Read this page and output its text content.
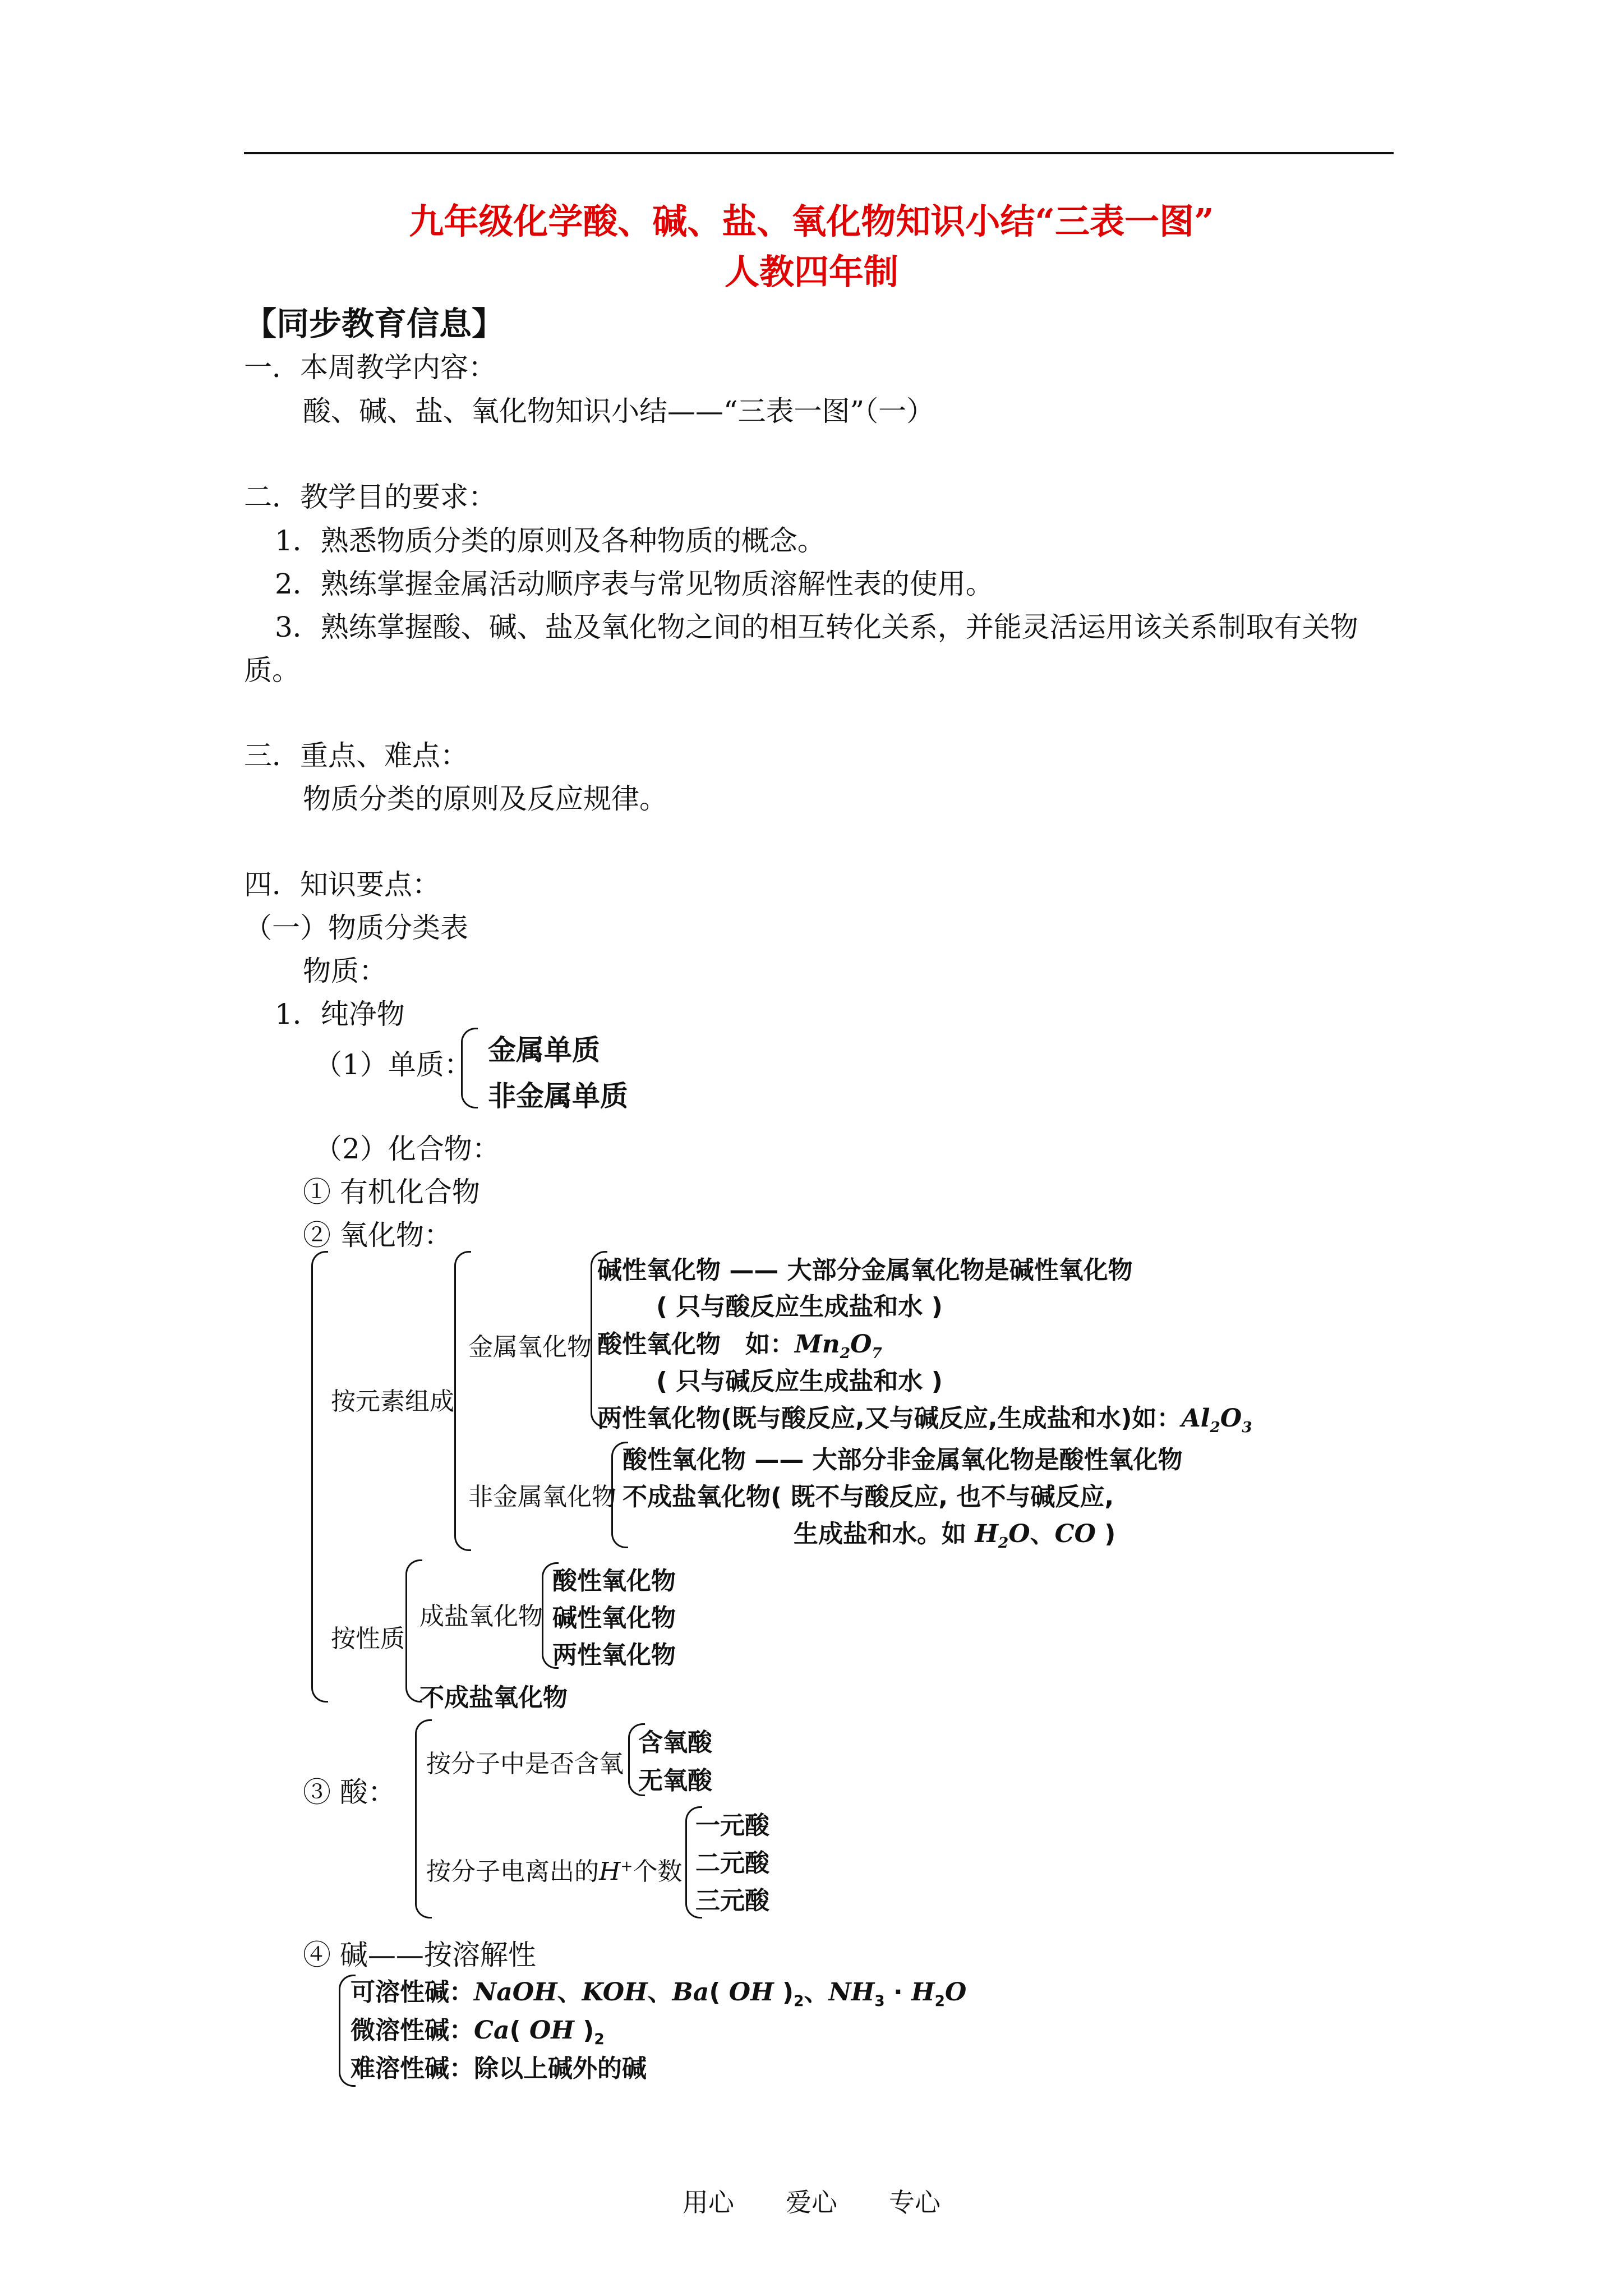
九年级化学酸、碱、盐、氧化物知识小结“三表一图”
人教四年制
【同步教育信息】
一．本周教学内容：
酸、碱、盐、氧化物知识小结——“三表一图”（一）
二．教学目的要求：
1．熟悉物质分类的原则及各种物质的概念。
2．熟练掌握金属活动顺序表与常见物质溶解性表的使用。
3．熟练掌握酸、碱、盐及氧化物之间的相互转化关系，并能灵活运用该关系制取有关物
质。
三．重点、难点：
物质分类的原则及反应规律。
四．知识要点：
（一）物质分类表
物质：
1．纯净物
（1）单质： 金属单质
非金属单质
（2）化合物：
① 有机化合物
② 氧化物：
按元素组成
金属氧化物
碱性氧化物 —— 大部分金属氧化物是碱性氧化物
( 只与酸反应生成盐和水 )
酸性氧化物　如：$Mn_2O_7$
( 只与碱反应生成盐和水 )
两性氧化物(既与酸反应,又与碱反应,生成盐和水)如：$Al_2O_3$
非金属氧化物
酸性氧化物 —— 大部分非金属氧化物是酸性氧化物
不成盐氧化物( 既不与酸反应, 也不与碱反应,
生成盐和水。如 $H_2O$、CO )
按性质
成盐氧化物
酸性氧化物
碱性氧化物
两性氧化物
不成盐氧化物
③ 酸：
按分子中是否含氧
含氧酸
无氧酸
按分子电离出的H+个数
一元酸
二元酸
三元酸
④ 碱——按溶解性
可溶性碱：NaOH、KOH、Ba( OH )$_2$、$NH_3 \cdot H_2O$
微溶性碱：Ca( OH )$_2$
难溶性碱：除以上碱外的碱
用心　　爱心　　专心
